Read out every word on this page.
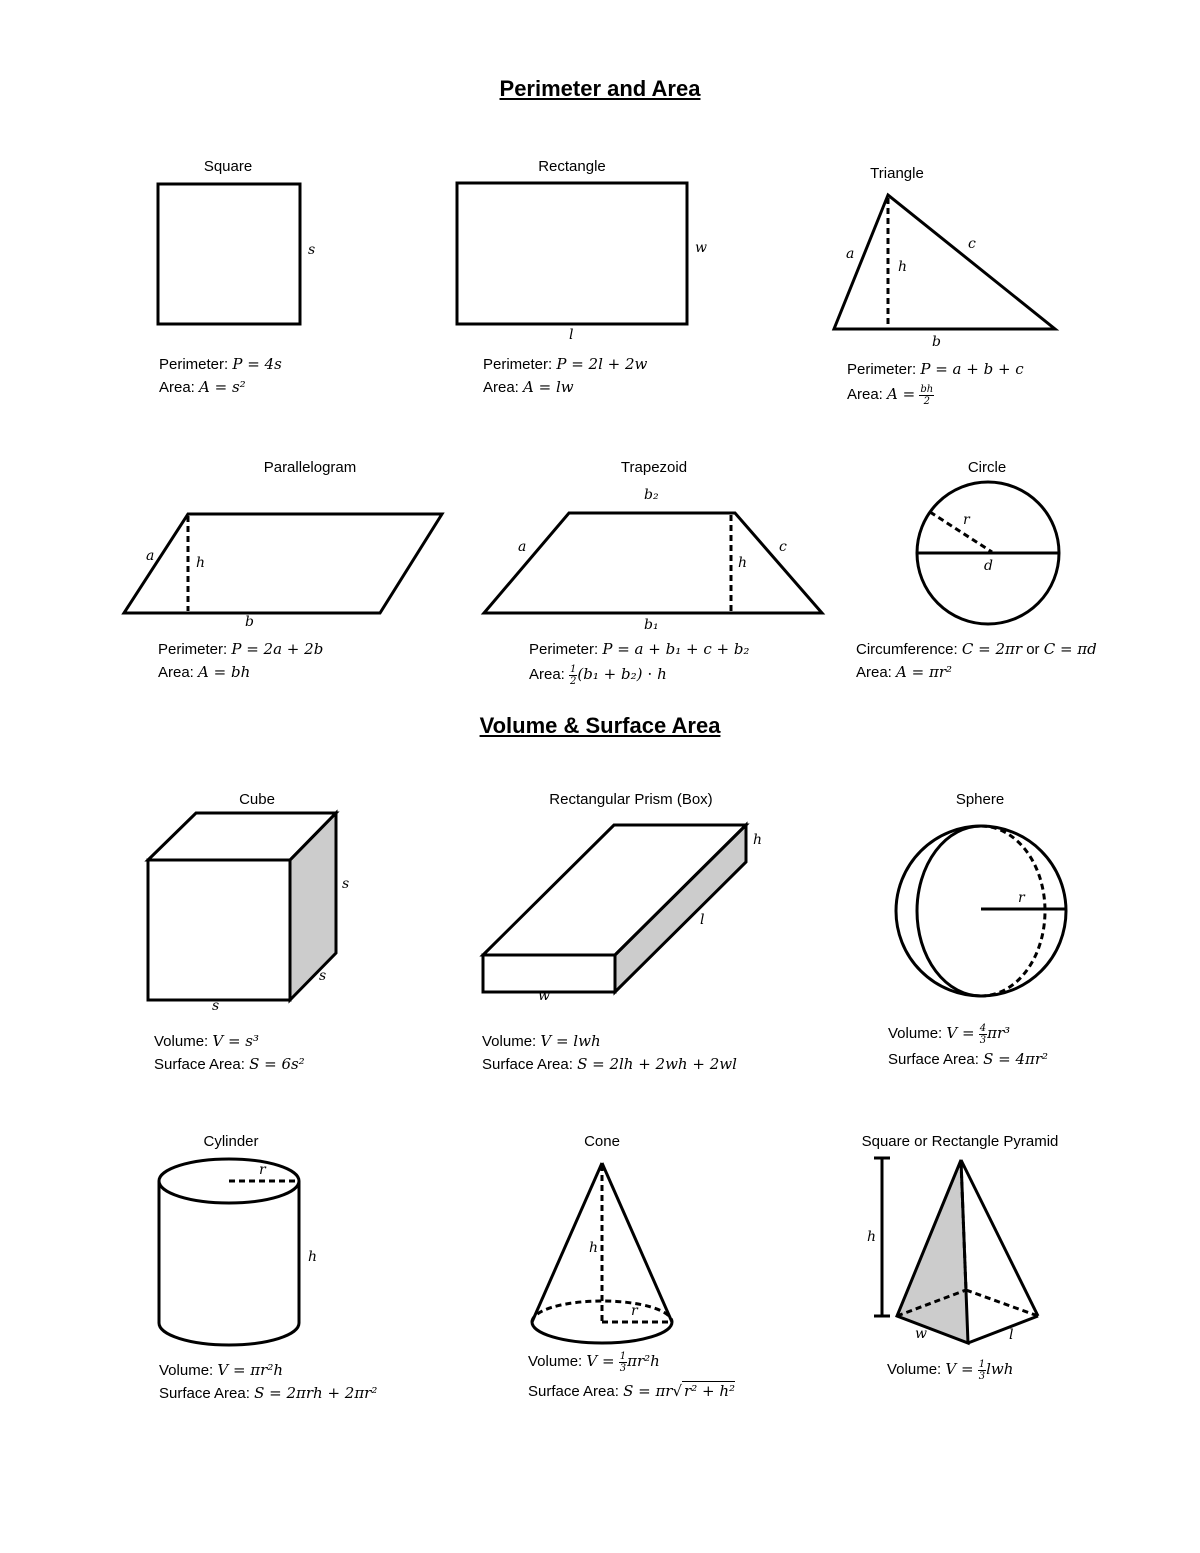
Perimeter and Area
Volume & Surface Area
Square
s
Perimeter: P = 4s
Area: A = s²
Rectangle
w
l
Perimeter: P = 2l + 2w
Area: A = lw
Triangle
a
c
h
b
Perimeter: P = a + b + c
Area: $A = \frac{bh}{2}$
Parallelogram
a	h
b
Perimeter: P = 2a + 2b
Area: A = bh
Trapezoid
b₂
a	c
h
b₁
Perimeter: P = a + b₁ + c + b₂
Area: $\frac{1}{2} (b_1 + b_2) \cdot h$
Circle
r
d
Circumference: C = 2πr or C = πd
Area: A = πr²
Cube
s
s
s
Volume: V = s³
Surface Area: S = 6s²
Rectangular Prism (Box)
h
l
w
Volume: V = lwh
Surface Area: S = 2lh + 2wh + 2wl
Sphere
r
Volume: $V = \frac{4}{3} \pi r^3$
Surface Area: S = 4πr²
Cylinder
r
h
Volume: V = πr²h
Surface Area: S = 2πrh + 2πr²
Cone
h
r
Volume: $V = \frac{1}{3} \pi r^2h$
Surface Area: S = πr√ r² + h²
Square or Rectangle Pyramid
h
w	l
Volume: $V = \frac{1}{3}$ lwh
